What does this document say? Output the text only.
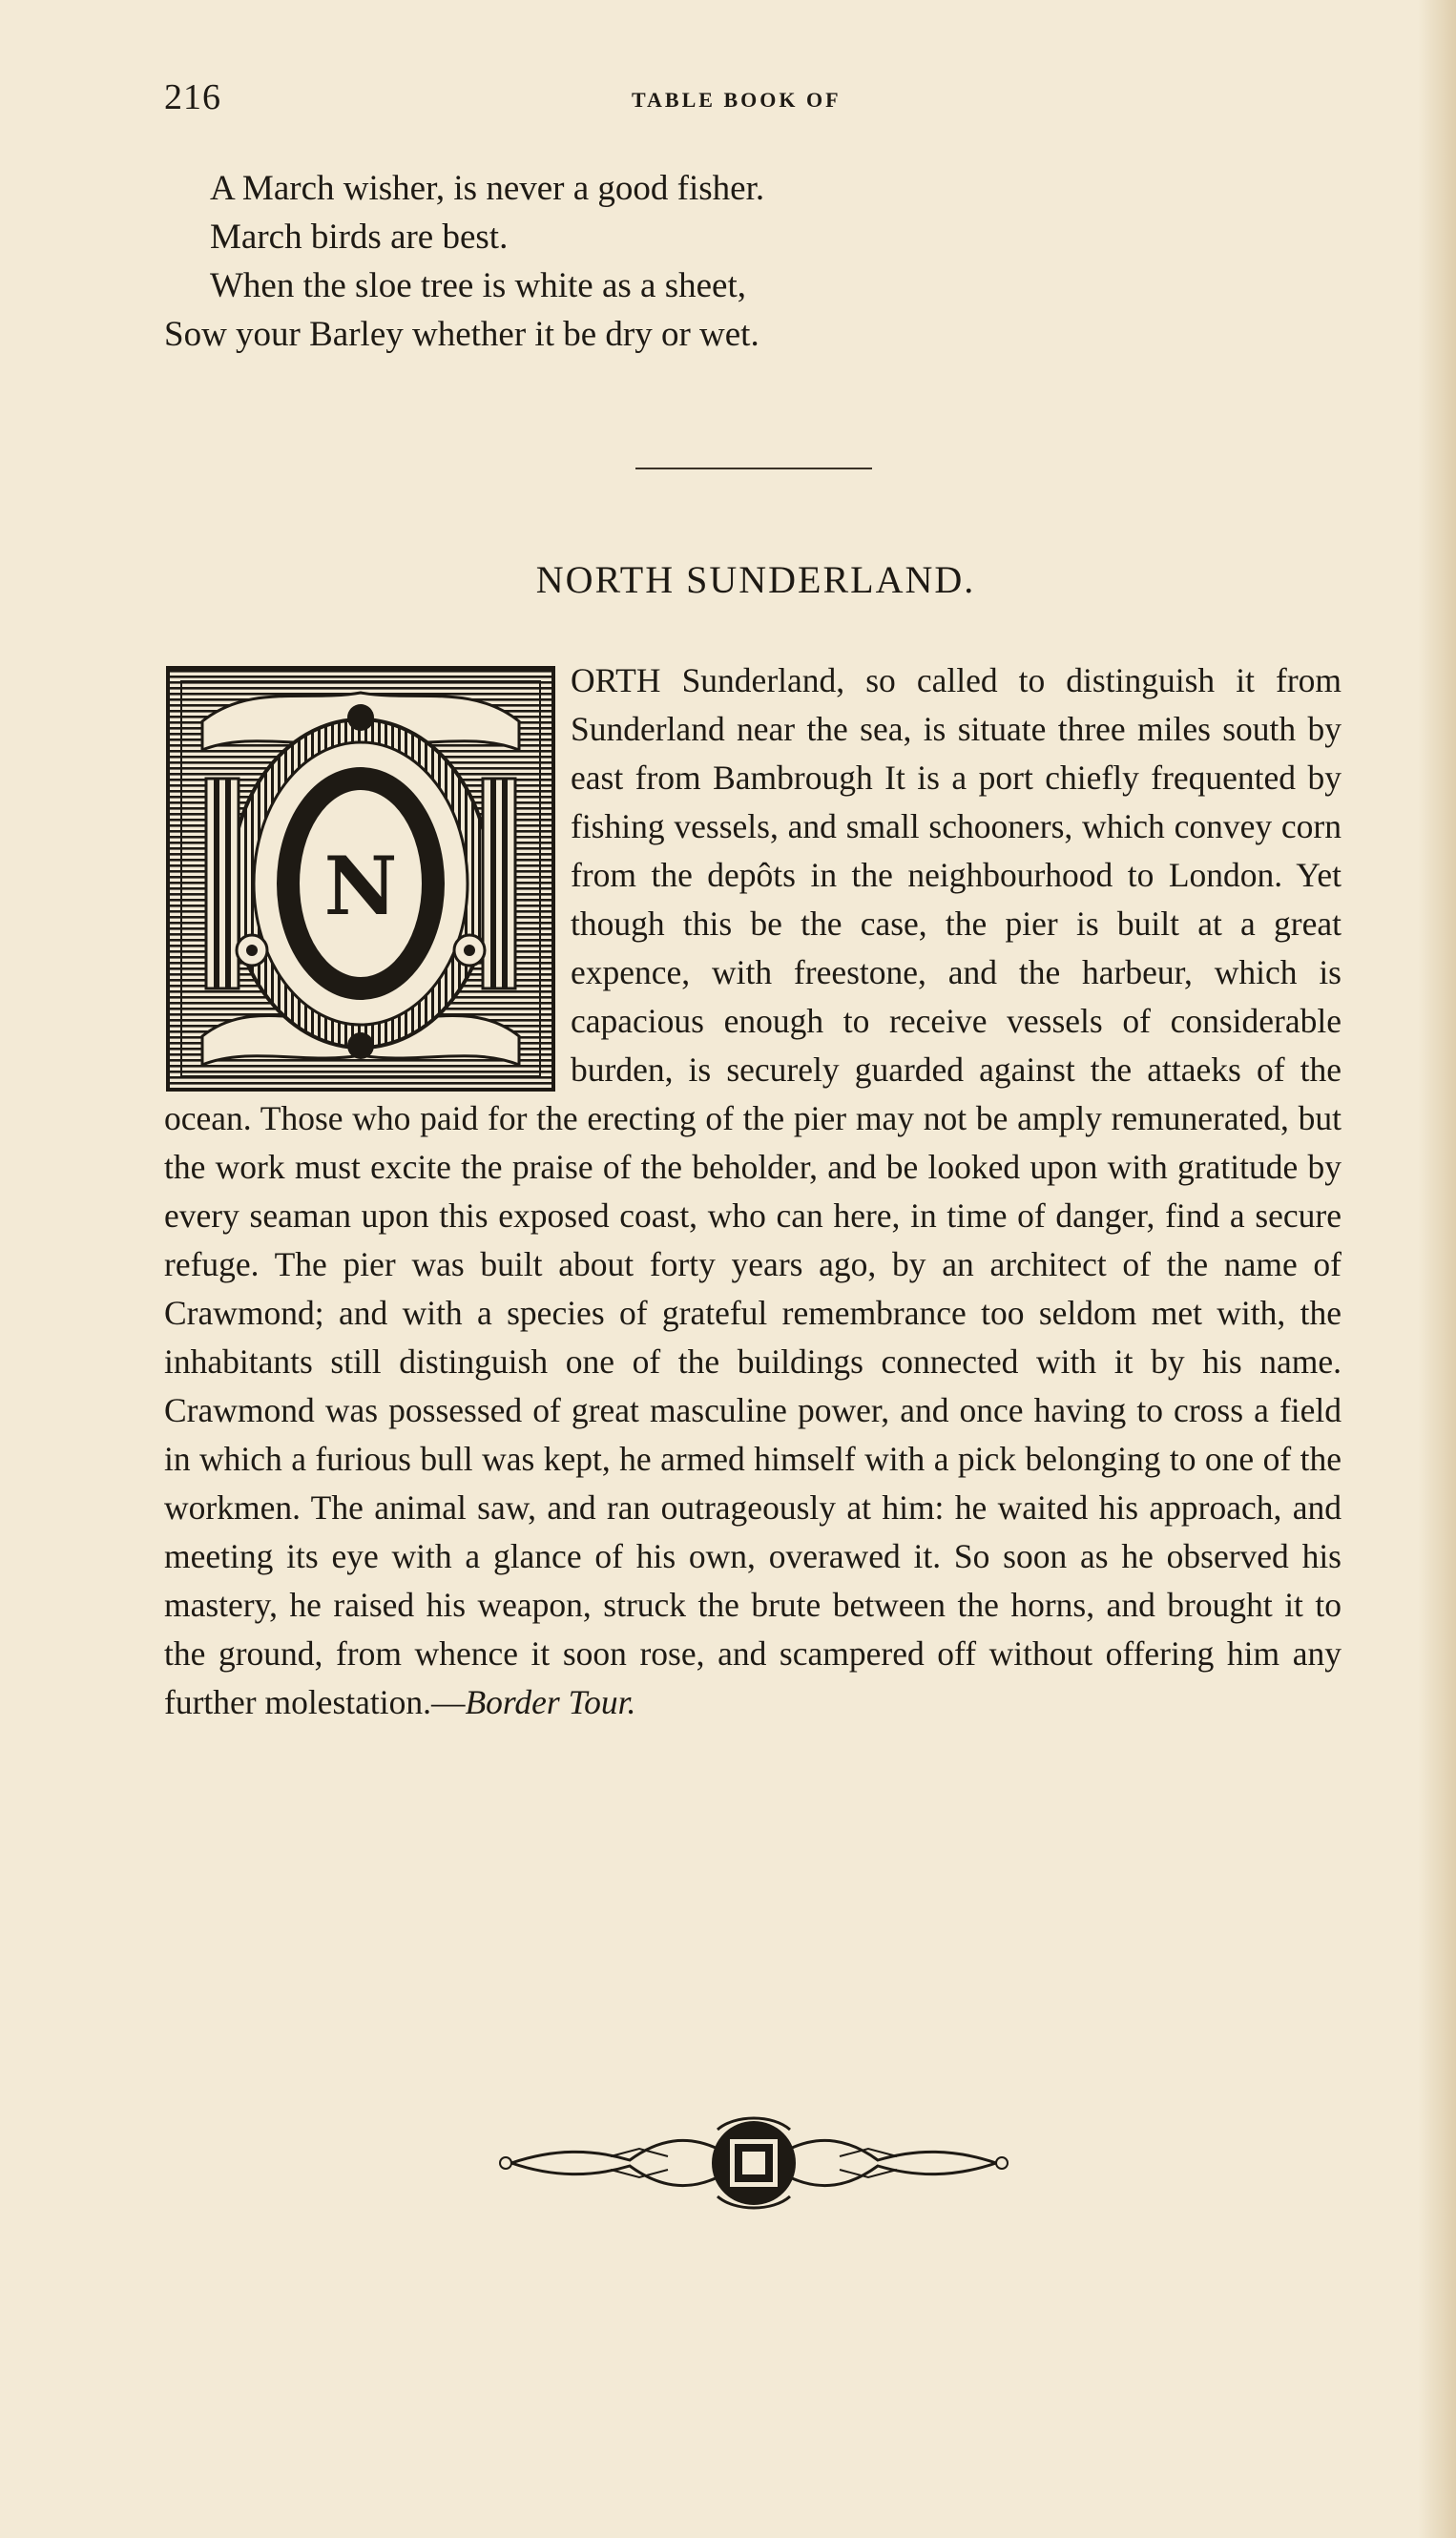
216	TABLE BOOK OF
A March wisher, is never a good fisher.
March birds are best.
When the sloe tree is white as a sheet,
Sow your Barley whether it be dry or wet.
NORTH SUNDERLAND.
N

ORTH Sunderland, so called to distinguish it from Sunderland near the sea, is situate three miles south by east from Bambrough It is a port chiefly frequented by fishing vessels, and small schooners, which convey corn from the depôts in the neighbourhood to London. Yet though this be the case, the pier is built at a great expence, with freestone, and the harbeur, which is capacious enough to receive vessels of considerable burden, is securely guarded against the attaeks of the ocean. Those who paid for the erecting of the pier may not be amply remunerated, but the work must excite the praise of the beholder, and be looked upon with gratitude by every seaman upon this exposed coast, who can here, in time of danger, find a secure refuge. The pier was built about forty years ago, by an architect of the name of Crawmond; and with a species of grateful remembrance too seldom met with, the inhabitants still distinguish one of the buildings connected with it by his name. Crawmond was possessed of great masculine power, and once having to cross a field in which a furious bull was kept, he armed himself with a pick belonging to one of the workmen. The animal saw, and ran outrageously at him: he waited his approach, and meeting its eye with a glance of his own, overawed it. So soon as he observed his mastery, he raised his weapon, struck the brute between the horns, and brought it to the ground, from whence it soon rose, and scampered off without offering him any further molestation.—Border Tour.
